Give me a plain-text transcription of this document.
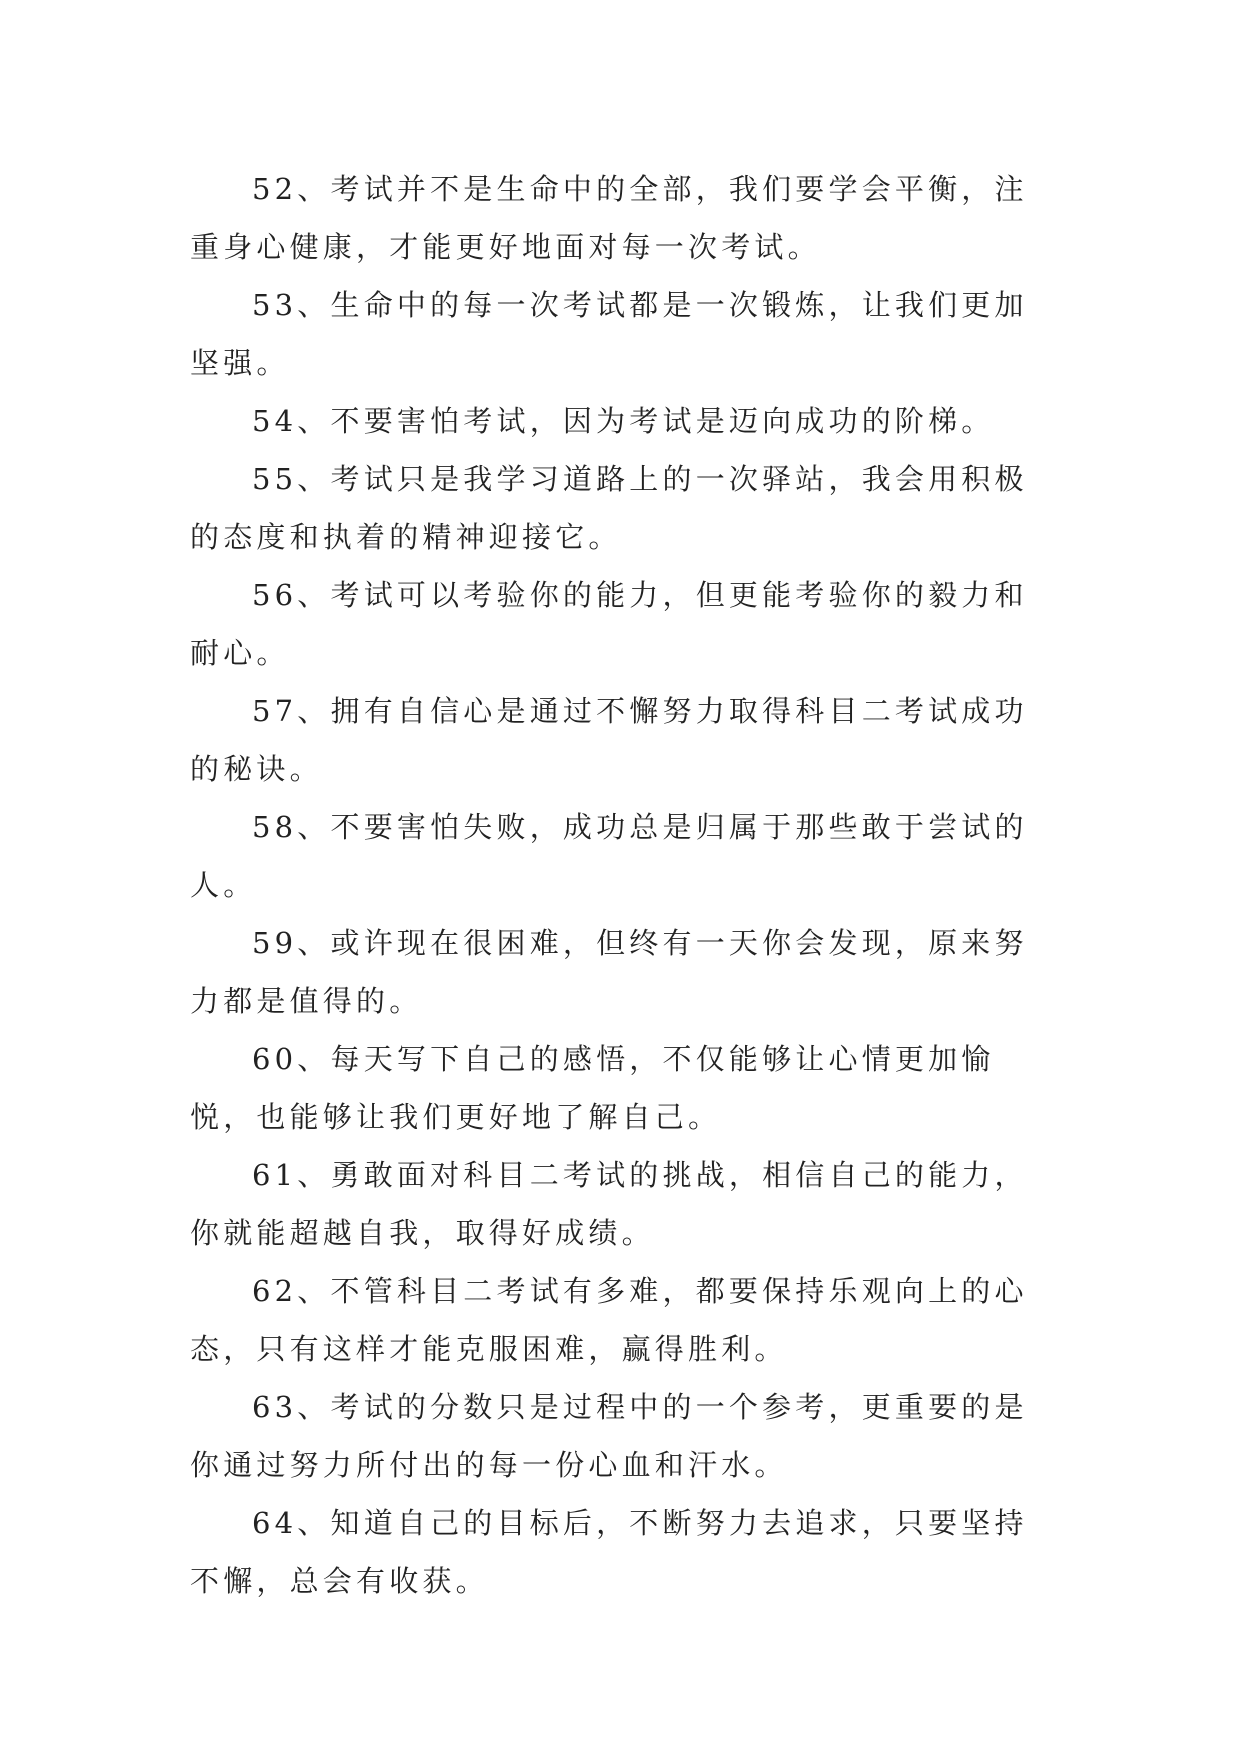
52、考试并不是生命中的全部，我们要学会平衡，注重身心健康，才能更好地面对每一次考试。

53、生命中的每一次考试都是一次锻炼，让我们更加坚强。

54、不要害怕考试，因为考试是迈向成功的阶梯。

55、考试只是我学习道路上的一次驿站，我会用积极的态度和执着的精神迎接它。

56、考试可以考验你的能力，但更能考验你的毅力和耐心。

57、拥有自信心是通过不懈努力取得科目二考试成功的秘诀。

58、不要害怕失败，成功总是归属于那些敢于尝试的人。

59、或许现在很困难，但终有一天你会发现，原来努力都是值得的。

60、每天写下自己的感悟，不仅能够让心情更加愉悦，也能够让我们更好地了解自己。

61、勇敢面对科目二考试的挑战，相信自己的能力，你就能超越自我，取得好成绩。

62、不管科目二考试有多难，都要保持乐观向上的心态，只有这样才能克服困难，赢得胜利。

63、考试的分数只是过程中的一个参考，更重要的是你通过努力所付出的每一份心血和汗水。

64、知道自己的目标后，不断努力去追求，只要坚持不懈，总会有收获。
